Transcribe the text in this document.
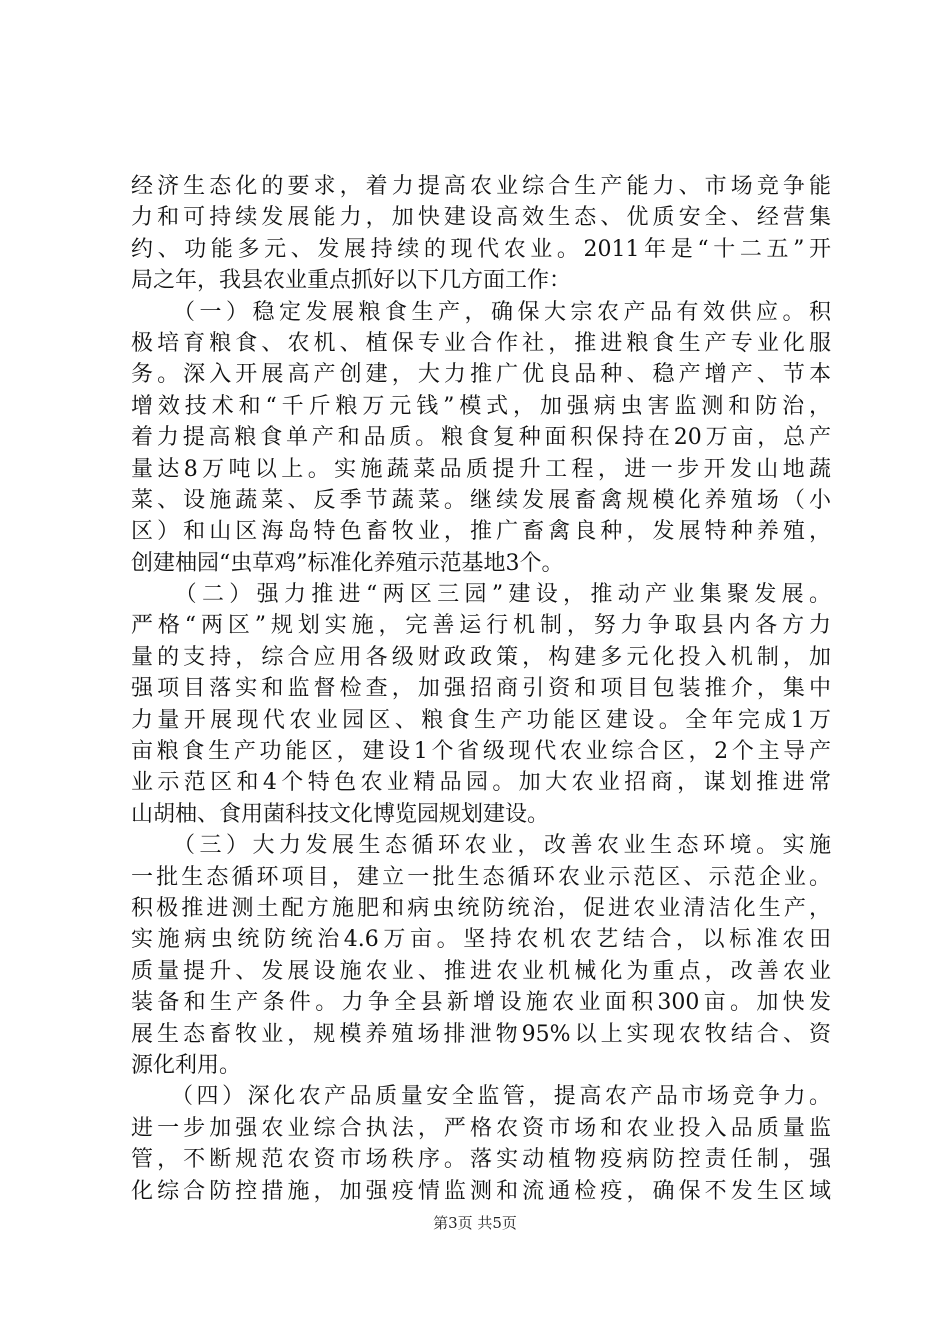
经济生态化的要求，着力提高农业综合生产能力、市场竞争能
力和可持续发展能力，加快建设高效生态、优质安全、经营集
约、功能多元、发展持续的现代农业。2011年是“十二五”开
局之年，我县农业重点抓好以下几方面工作：
　　（一）稳定发展粮食生产，确保大宗农产品有效供应。积
极培育粮食、农机、植保专业合作社，推进粮食生产专业化服
务。深入开展高产创建，大力推广优良品种、稳产增产、节本
增效技术和“千斤粮万元钱”模式，加强病虫害监测和防治，
着力提高粮食单产和品质。粮食复种面积保持在20万亩，总产
量达8万吨以上。实施蔬菜品质提升工程，进一步开发山地蔬
菜、设施蔬菜、反季节蔬菜。继续发展畜禽规模化养殖场（小
区）和山区海岛特色畜牧业，推广畜禽良种，发展特种养殖，
创建柚园“虫草鸡”标准化养殖示范基地3个。
　　（二）强力推进“两区三园”建设，推动产业集聚发展。
严格“两区”规划实施，完善运行机制，努力争取县内各方力
量的支持，综合应用各级财政政策，构建多元化投入机制，加
强项目落实和监督检查，加强招商引资和项目包装推介，集中
力量开展现代农业园区、粮食生产功能区建设。全年完成1万
亩粮食生产功能区，建设1个省级现代农业综合区，2个主导产
业示范区和4个特色农业精品园。加大农业招商，谋划推进常
山胡柚、食用菌科技文化博览园规划建设。
　　（三）大力发展生态循环农业，改善农业生态环境。实施
一批生态循环项目，建立一批生态循环农业示范区、示范企业。
积极推进测土配方施肥和病虫统防统治，促进农业清洁化生产，
实施病虫统防统治4.6万亩。坚持农机农艺结合，以标准农田
质量提升、发展设施农业、推进农业机械化为重点，改善农业
装备和生产条件。力争全县新增设施农业面积300亩。加快发
展生态畜牧业，规模养殖场排泄物95%以上实现农牧结合、资
源化利用。
　　（四）深化农产品质量安全监管，提高农产品市场竞争力。
进一步加强农业综合执法，严格农资市场和农业投入品质量监
管，不断规范农资市场秩序。落实动植物疫病防控责任制，强
化综合防控措施，加强疫情监测和流通检疫，确保不发生区域
第3页 共5页
